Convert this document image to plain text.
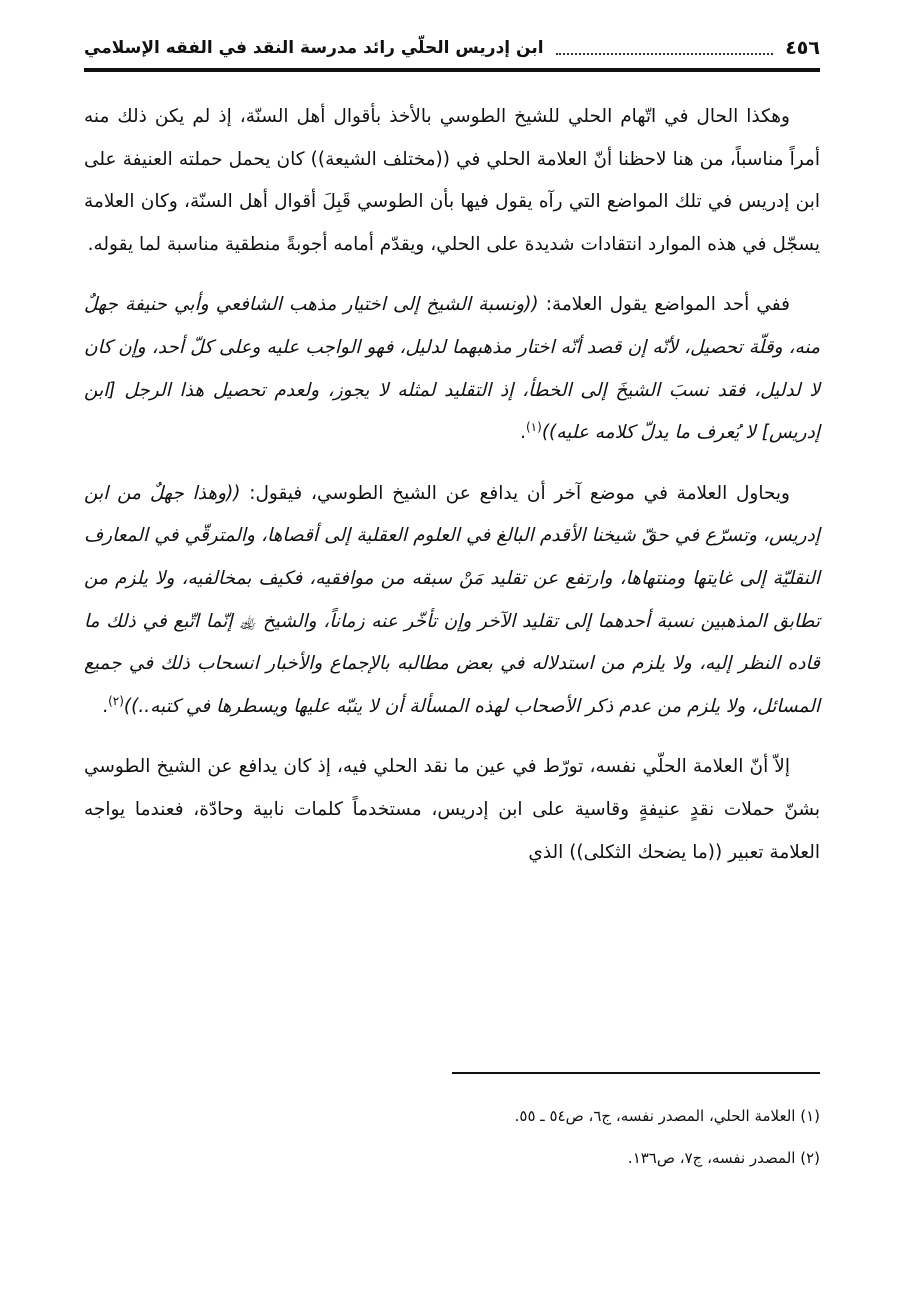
٤٥٦
ابن إدريس الحلّي رائد مدرسة النقد في الفقه الإسلامي

وهكذا الحال في اتّهام الحلي للشيخ الطوسي بالأخذ بأقوال أهل السنّة، إذ لم يكن ذلك منه أمراً مناسباً، من هنا لاحظنا أنّ العلامة الحلي في ((مختلف الشيعة)) كان يحمل حملته العنيفة على ابن إدريس في تلك المواضع التي رآه يقول فيها بأن الطوسي قَبِلَ أقوال أهل السنّة، وكان العلامة يسجّل في هذه الموارد انتقادات شديدة على الحلي، ويقدّم أمامه أجوبةً منطقية مناسبة لما يقوله.

ففي أحد المواضع يقول العلامة: ((ونسبة الشيخ إلى اختيار مذهب الشافعي وأبي حنيفة جهلٌ منه، وقلّة تحصيل، لأنّه إن قصد أنّه اختار مذهبهما لدليل، فهو الواجب عليه وعلى كلّ أحد، وإن كان لا لدليل، فقد نسبَ الشيخَ إلى الخطأ، إذ التقليد لمثله لا يجوز، ولعدم تحصيل هذا الرجل [ابن إدريس] لا يُعرف ما يدلّ كلامه عليه))$^{(١)}$.

ويحاول العلامة في موضع آخر أن يدافع عن الشيخ الطوسي، فيقول: ((وهذا جهلٌ من ابن إدريس، وتسرّع في حقّ شيخنا الأقدم البالغ في العلوم العقلية إلى أقصاها، والمترقّي في المعارف النقليّة إلى غايتها ومنتهاها، وارتفع عن تقليد مَنْ سبقه من موافقيه، فكيف بمخالفيه، ولا يلزم من تطابق المذهبين نسبة أحدهما إلى تقليد الآخر وإن تأخّر عنه زماناً، والشيخ ﵀ إنّما اتّبع في ذلك ما قاده النظر إليه، ولا يلزم من استدلاله في بعض مطالبه بالإجماع والأخبار انسحاب ذلك في جميع المسائل، ولا يلزم من عدم ذكر الأصحاب لهذه المسألة أن لا ينبّه عليها ويسطرها في كتبه..))$^{(٢)}$.

إلاّ أنّ العلامة الحلّي نفسه، تورّط في عين ما نقد الحلي فيه، إذ كان يدافع عن الشيخ الطوسي بشنّ حملات نقدٍ عنيفةٍ وقاسية على ابن إدريس، مستخدماً كلمات نابية وحادّة، فعندما يواجه العلامة تعبير ((ما يضحك الثكلى)) الذي

(١) العلامة الحلي، المصدر نفسه، ج٦، ص٥٤ ـ ٥٥.

(٢) المصدر نفسه، ج٧، ص١٣٦.
